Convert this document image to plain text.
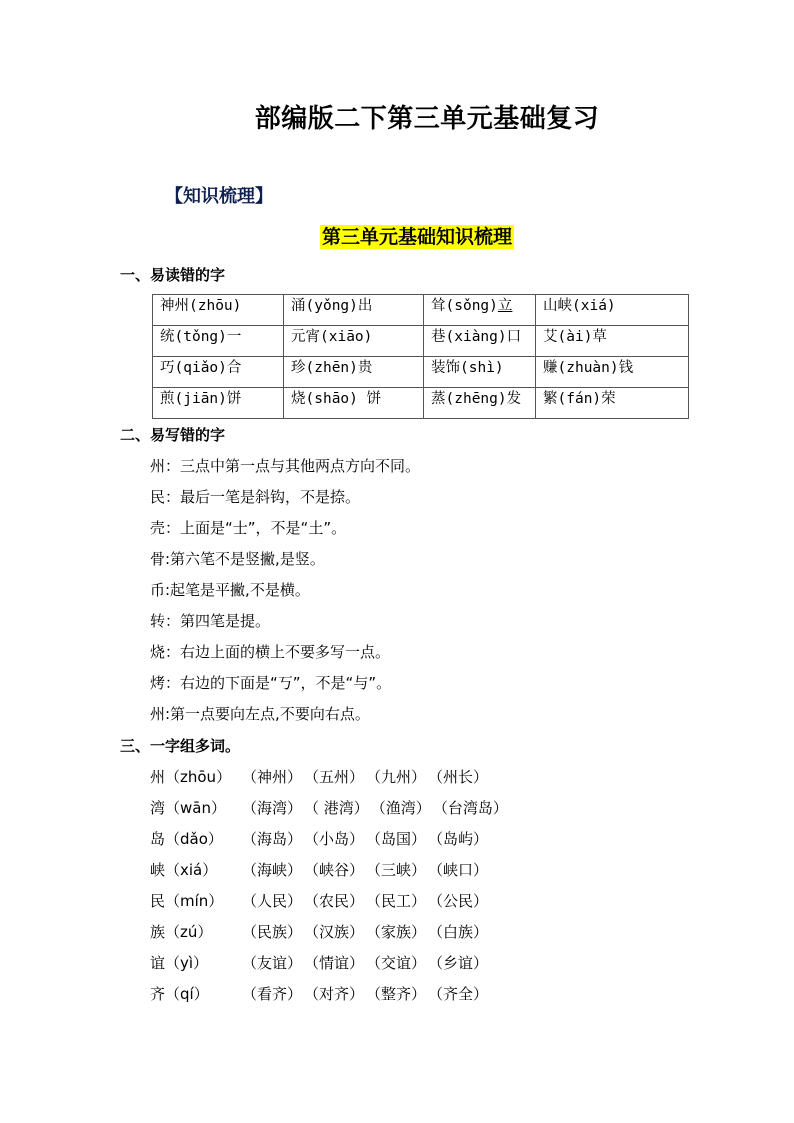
部编版二下第三单元基础复习
【知识梳理】
第三单元基础知识梳理
一、易读错的字
神州(zhōu)	涌(yǒng)出	耸(sǒng)立	山峡(xiá)
统(tǒng)一	元宵(xiāo)	巷(xiàng)口	艾(ài)草
巧(qiǎo)合	珍(zhēn)贵	装饰(shì)	赚(zhuàn)钱
煎(jiān)饼	烧(shāo) 饼	蒸(zhēng)发	繁(fán)荣
二、易写错的字
州：三点中第一点与其他两点方向不同。
民：最后一笔是斜钩，不是捺。
壳：上面是“士”，不是“土”。
骨:第六笔不是竖撇,是竖。
币:起笔是平撇,不是横。
转：第四笔是提。
烧：右边上面的横上不要多写一点。
烤：右边的下面是“丂”，不是“与”。
州:第一点要向左点,不要向右点。
三、一字组多词。
州（zhōu） （神州） （五州） （九州） （州长）
湾（wān） （海湾） （ 港湾） （渔湾） （台湾岛）
岛（dǎo） （海岛） （小岛） （岛国） （岛屿）
峡（xiá） （海峡） （峡谷） （三峡） （峡口）
民（mín） （人民） （农民） （民工） （公民）
族（zú） （民族） （汉族） （家族） （白族）
谊（yì） （友谊） （情谊） （交谊） （乡谊）
齐（qí） （看齐） （对齐） （整齐） （齐全）
